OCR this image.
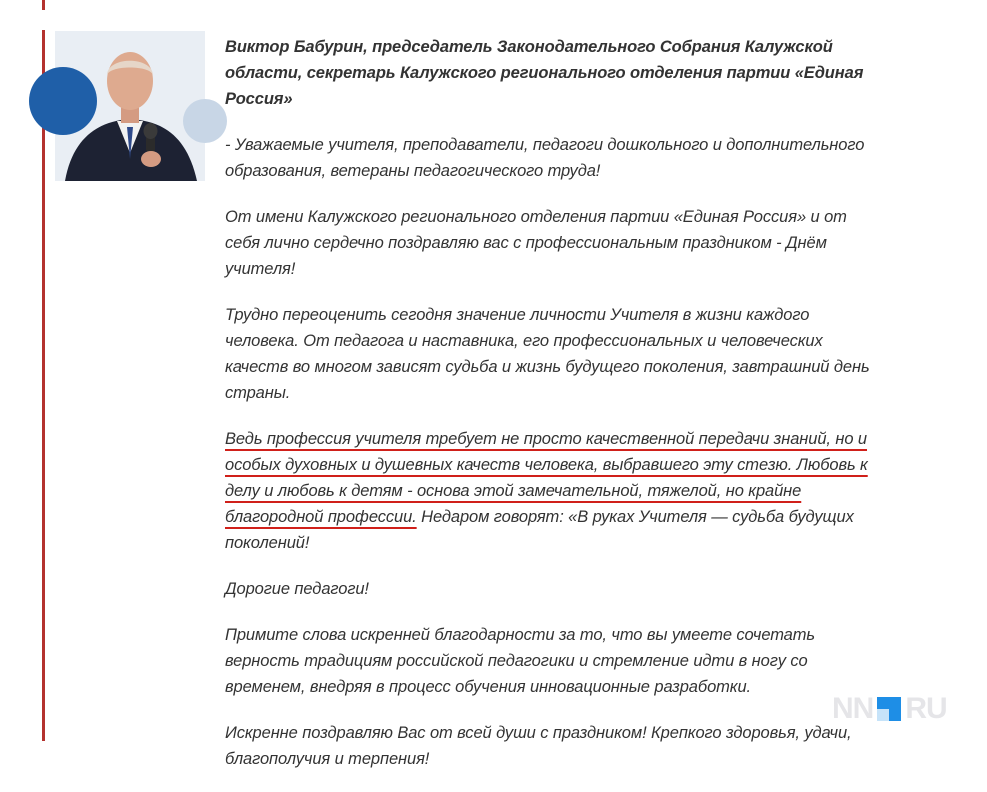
Виктор Бабурин, председатель Законодательного Собрания Калужской области, секретарь Калужского регионального отделения партии «Единая Россия»

- Уважаемые учителя, преподаватели, педагоги дошкольного и дополнительного образования, ветераны педагогического труда!

От имени Калужского регионального отделения партии «Единая Россия» и от себя лично сердечно поздравляю вас с профессиональным праздником - Днём учителя!

Трудно переоценить сегодня значение личности Учителя в жизни каждого человека. От педагога и наставника, его профессиональных и человеческих качеств во многом зависят судьба и жизнь будущего поколения, завтрашний день страны.

Ведь профессия учителя требует не просто качественной передачи знаний, но и особых духовных и душевных качеств человека, выбравшего эту стезю. Любовь к делу и любовь к детям - основа этой замечательной, тяжелой, но крайне благородной профессии. Недаром говорят: «В руках Учителя — судьба будущих поколений!

Дорогие педагоги!

Примите слова искренней благодарности за то, что вы умеете сочетать верность традициям российской педагогики и стремление идти в ногу со временем, внедряя в процесс обучения инновационные разработки.

Искренне поздравляю Вас от всей души с праздником! Крепкого здоровья, удачи, благополучия и терпения!

NN RU
